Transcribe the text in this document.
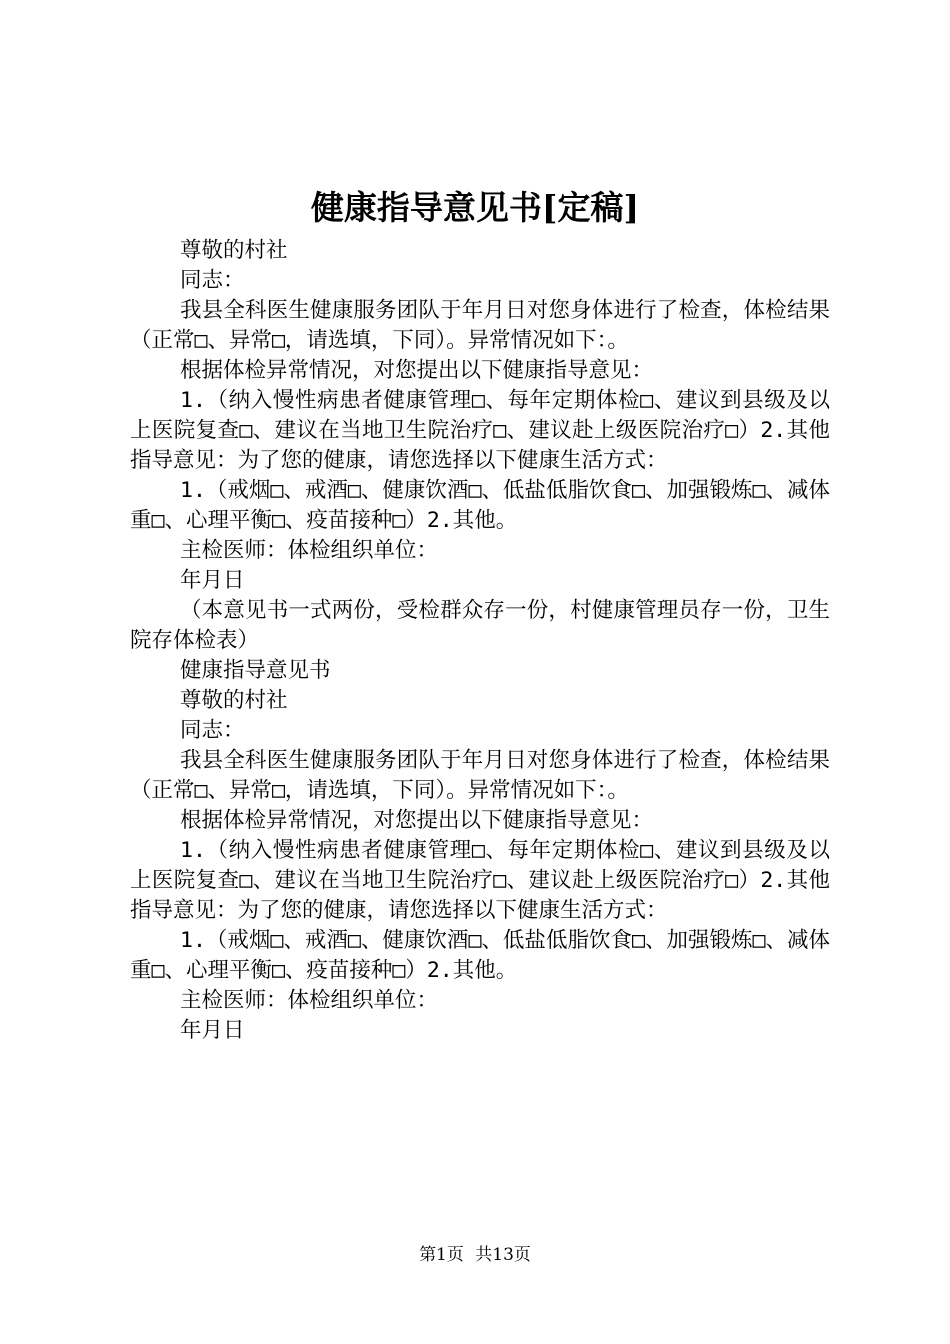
健康指导意见书[定稿]

尊敬的村社

同志：

我县全科医生健康服务团队于年月日对您身体进行了检查，体检结果（正常□、异常□，请选填，下同）。异常情况如下：。

根据体检异常情况，对您提出以下健康指导意见：

1.（纳入慢性病患者健康管理□、每年定期体检□、建议到县级及以上医院复查□、建议在当地卫生院治疗□、建议赴上级医院治疗□）2.其他指导意见：为了您的健康，请您选择以下健康生活方式：

1.（戒烟□、戒酒□、健康饮酒□、低盐低脂饮食□、加强锻炼□、减体重□、心理平衡□、疫苗接种□）2.其他。

主检医师：体检组织单位：

年月日

（本意见书一式两份，受检群众存一份，村健康管理员存一份，卫生院存体检表）

健康指导意见书

尊敬的村社

同志：

我县全科医生健康服务团队于年月日对您身体进行了检查，体检结果（正常□、异常□，请选填，下同）。异常情况如下：。

根据体检异常情况，对您提出以下健康指导意见：

1.（纳入慢性病患者健康管理□、每年定期体检□、建议到县级及以上医院复查□、建议在当地卫生院治疗□、建议赴上级医院治疗□）2.其他指导意见：为了您的健康，请您选择以下健康生活方式：

1.（戒烟□、戒酒□、健康饮酒□、低盐低脂饮食□、加强锻炼□、减体重□、心理平衡□、疫苗接种□）2.其他。

主检医师：体检组织单位：

年月日

第1页 共13页
